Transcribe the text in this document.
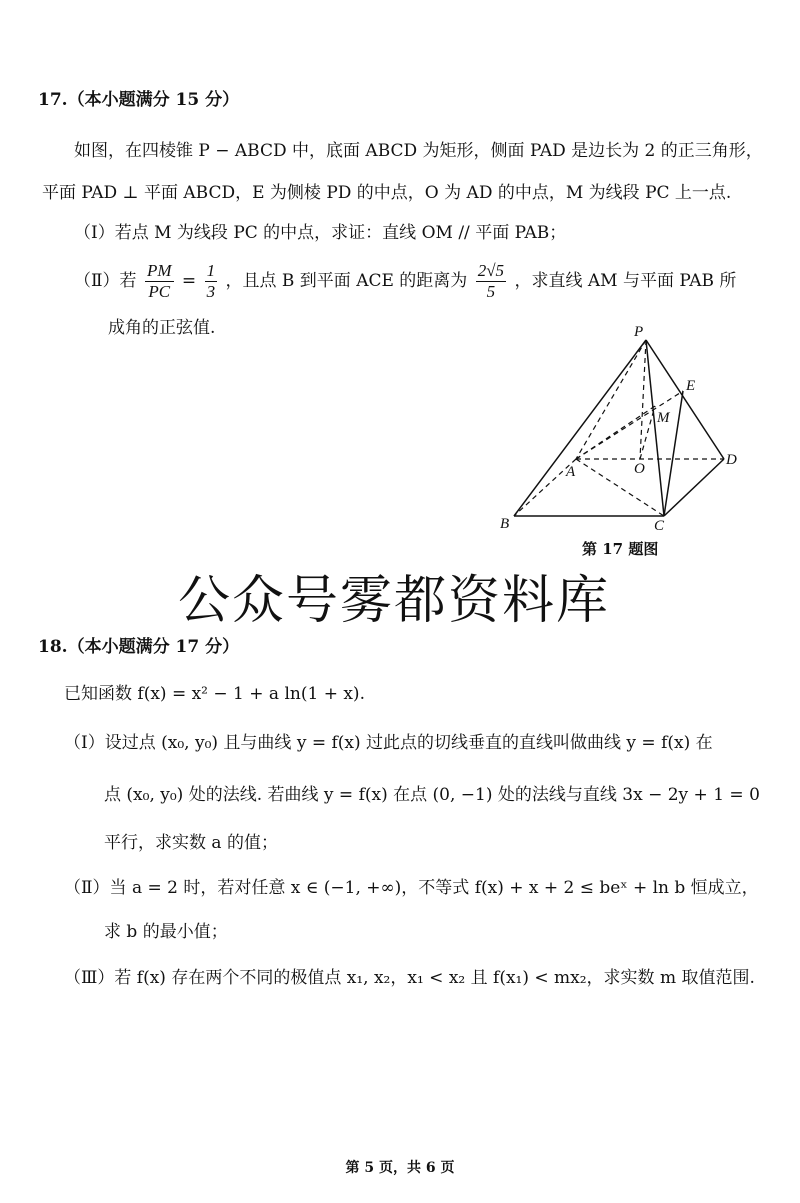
17.（本小题满分 15 分）
如图，在四棱锥 P − ABCD 中，底面 ABCD 为矩形，侧面 PAD 是边长为 2 的正三角形，
平面 PAD ⊥ 平面 ABCD，E 为侧棱 PD 的中点，O 为 AD 的中点，M 为线段 PC 上一点.
（Ⅰ）若点 M 为线段 PC 的中点，求证：直线 OM // 平面 PAB；
（Ⅱ）若 $\frac{PM}{PC} = \frac{1}{3}$ ，且点 B 到平面 ACE 的距离为 $\frac{2√5}{5}$ ，求直线 AM 与平面 PAB 所
成角的正弦值.	P
E
M
A	O
D
B	C
第 17 题图
公众号雾都资料库
18.（本小题满分 17 分）
已知函数 f(x) = x² − 1 + a ln(1 + x).
（Ⅰ）设过点 (x₀, y₀) 且与曲线 y = f(x) 过此点的切线垂直的直线叫做曲线 y = f(x) 在
点 (x₀, y₀) 处的法线. 若曲线 y = f(x) 在点 (0, −1) 处的法线与直线 3x − 2y + 1 = 0
平行，求实数 a 的值；
（Ⅱ）当 a = 2 时，若对任意 x ∈ (−1, +∞)，不等式 f(x) + x + 2 ≤ beˣ + ln b 恒成立，
求 b 的最小值；
（Ⅲ）若 f(x) 存在两个不同的极值点 x₁, x₂，x₁ < x₂ 且 f(x₁) < mx₂，求实数 m 取值范围.
第 5 页，共 6 页
